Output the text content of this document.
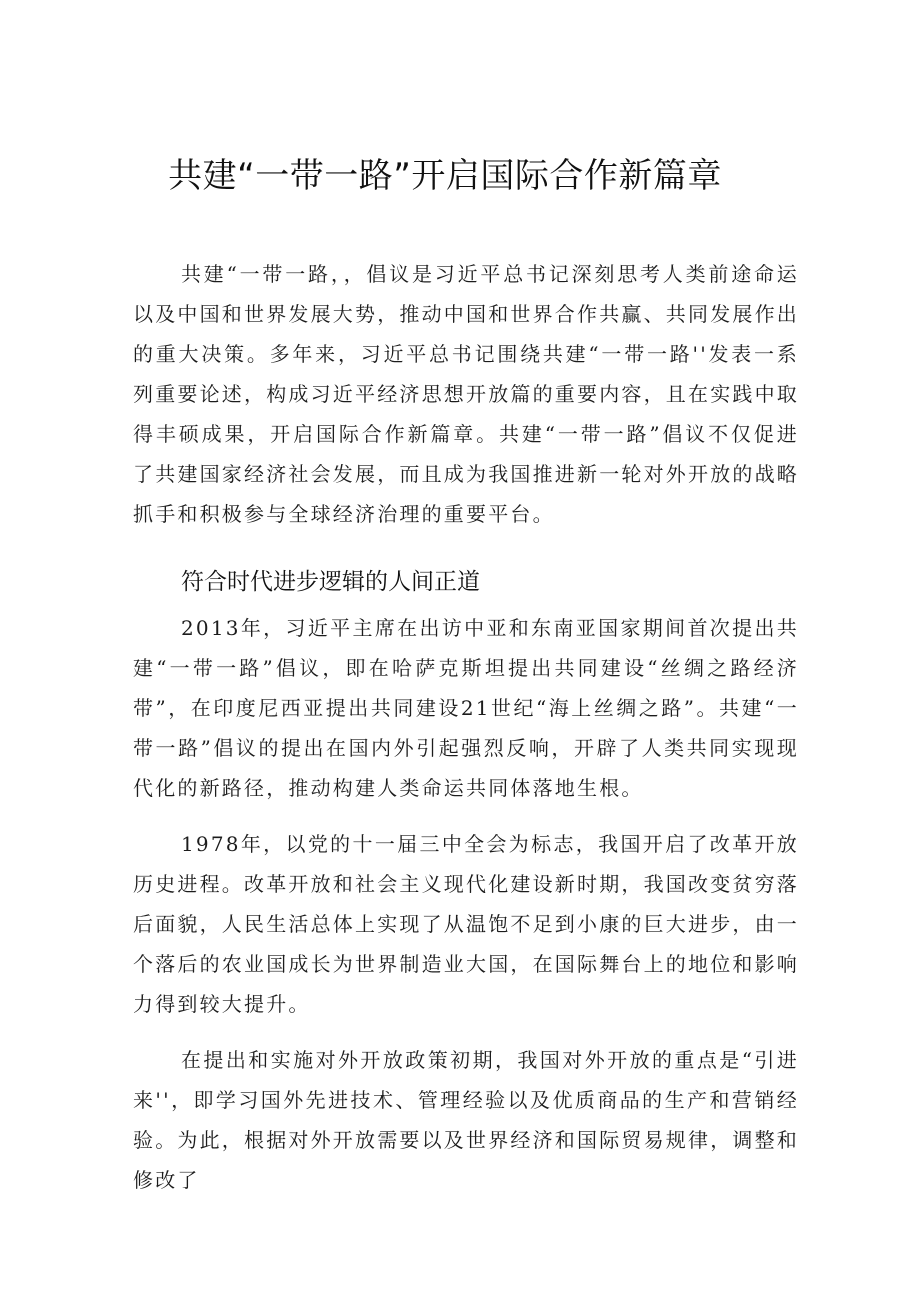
共建“一带一路”开启国际合作新篇章

共建“一带一路，，倡议是习近平总书记深刻思考人类前途命运以及中国和世界发展大势，推动中国和世界合作共赢、共同发展作出的重大决策。多年来，习近平总书记围绕共建“一带一路''发表一系列重要论述，构成习近平经济思想开放篇的重要内容，且在实践中取得丰硕成果，开启国际合作新篇章。共建“一带一路”倡议不仅促进了共建国家经济社会发展，而且成为我国推进新一轮对外开放的战略抓手和积极参与全球经济治理的重要平台。

符合时代进步逻辑的人间正道

2013年，习近平主席在出访中亚和东南亚国家期间首次提出共建“一带一路”倡议，即在哈萨克斯坦提出共同建设“丝绸之路经济带”，在印度尼西亚提出共同建设21世纪“海上丝绸之路”。共建“一带一路”倡议的提出在国内外引起强烈反响，开辟了人类共同实现现代化的新路径，推动构建人类命运共同体落地生根。

1978年，以党的十一届三中全会为标志，我国开启了改革开放历史进程。改革开放和社会主义现代化建设新时期，我国改变贫穷落后面貌，人民生活总体上实现了从温饱不足到小康的巨大进步，由一个落后的农业国成长为世界制造业大国，在国际舞台上的地位和影响力得到较大提升。

在提出和实施对外开放政策初期，我国对外开放的重点是“引进来''，即学习国外先进技术、管理经验以及优质商品的生产和营销经验。为此，根据对外开放需要以及世界经济和国际贸易规律，调整和修改了
